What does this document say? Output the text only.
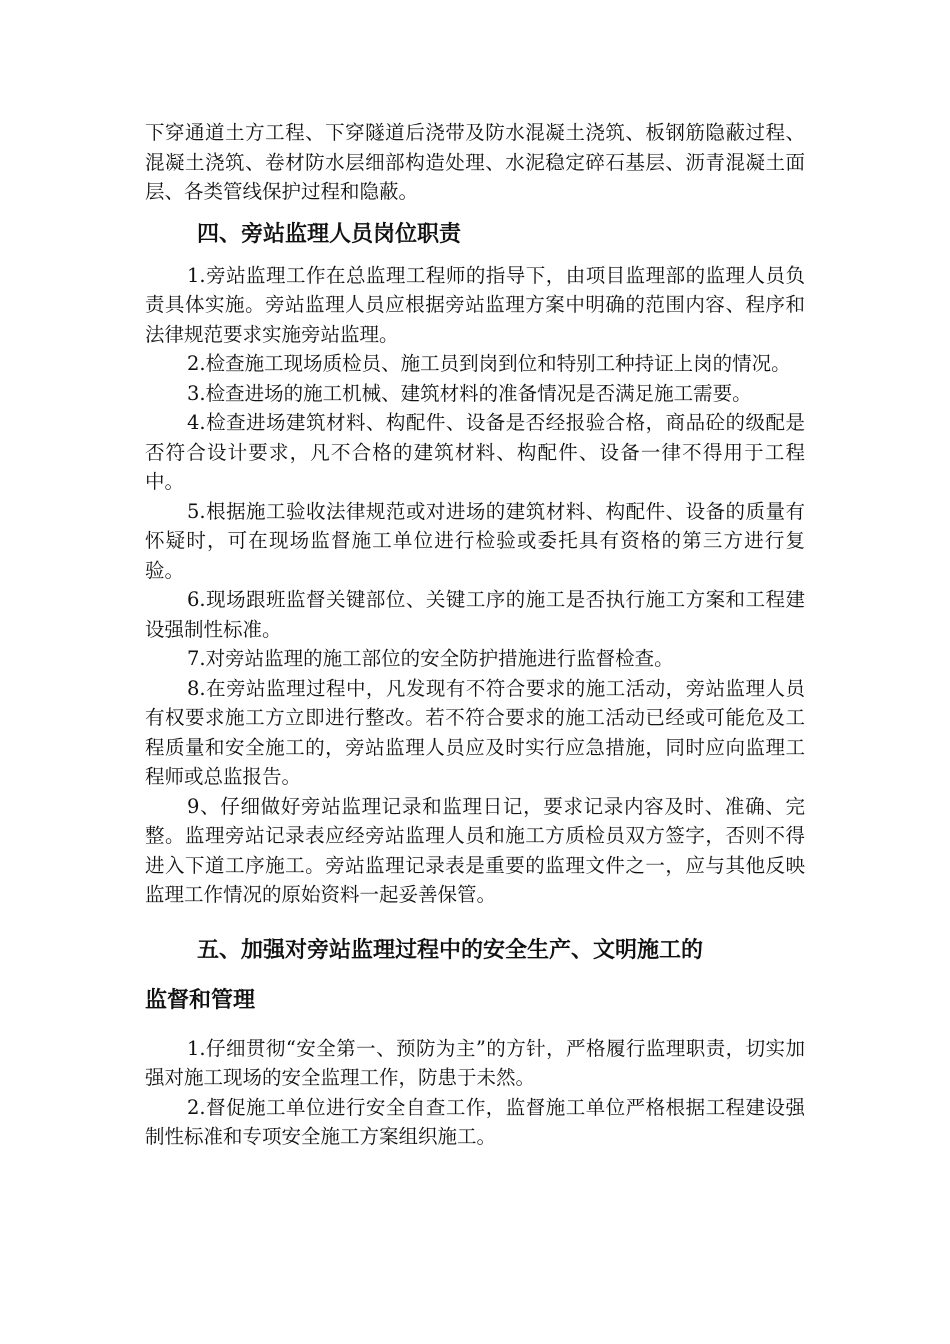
下穿通道土方工程、下穿隧道后浇带及防水混凝土浇筑、板钢筋隐蔽过程、混凝土浇筑、卷材防水层细部构造处理、水泥稳定碎石基层、沥青混凝土面层、各类管线保护过程和隐蔽。

四、旁站监理人员岗位职责

1.旁站监理工作在总监理工程师的指导下，由项目监理部的监理人员负责具体实施。旁站监理人员应根据旁站监理方案中明确的范围内容、程序和法律规范要求实施旁站监理。

2.检查施工现场质检员、施工员到岗到位和特别工种持证上岗的情况。

3.检查进场的施工机械、建筑材料的准备情况是否满足施工需要。

4.检查进场建筑材料、构配件、设备是否经报验合格，商品砼的级配是否符合设计要求，凡不合格的建筑材料、构配件、设备一律不得用于工程中。

5.根据施工验收法律规范或对进场的建筑材料、构配件、设备的质量有怀疑时，可在现场监督施工单位进行检验或委托具有资格的第三方进行复验。

6.现场跟班监督关键部位、关键工序的施工是否执行施工方案和工程建设强制性标准。

7.对旁站监理的施工部位的安全防护措施进行监督检查。

8.在旁站监理过程中，凡发现有不符合要求的施工活动，旁站监理人员有权要求施工方立即进行整改。若不符合要求的施工活动已经或可能危及工程质量和安全施工的，旁站监理人员应及时实行应急措施，同时应向监理工程师或总监报告。

9、仔细做好旁站监理记录和监理日记，要求记录内容及时、准确、完整。监理旁站记录表应经旁站监理人员和施工方质检员双方签字，否则不得进入下道工序施工。旁站监理记录表是重要的监理文件之一，应与其他反映监理工作情况的原始资料一起妥善保管。

五、加强对旁站监理过程中的安全生产、文明施工的
监督和管理

1.仔细贯彻“安全第一、预防为主”的方针，严格履行监理职责，切实加强对施工现场的安全监理工作，防患于未然。

2.督促施工单位进行安全自查工作，监督施工单位严格根据工程建设强制性标准和专项安全施工方案组织施工。
